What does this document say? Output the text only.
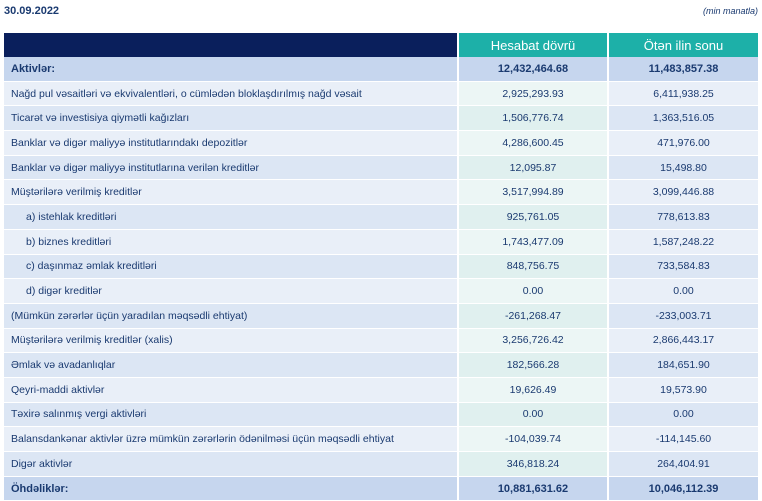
30.09.2022	(min manatla)
	Hesabat dövrü	Ötən ilin sonu
Aktivlər:	12,432,464.68	11,483,857.38
Nağd pul vəsaitləri və ekvivalentləri, o cümlədən bloklaşdırılmış nağd vəsait	2,925,293.93	6,411,938.25
Ticarət və investisiya qiymətli kağızları	1,506,776.74	1,363,516.05
Banklar və digər maliyyə institutlarındakı depozitlər	4,286,600.45	471,976.00
Banklar və digər maliyyə institutlarına verilən kreditlər	12,095.87	15,498.80
Müştərilərə verilmiş kreditlər	3,517,994.89	3,099,446.88
a) istehlak kreditləri	925,761.05	778,613.83
b) biznes kreditləri	1,743,477.09	1,587,248.22
c) daşınmaz əmlak kreditləri	848,756.75	733,584.83
d) digər kreditlər	0.00	0.00
(Mümkün zərərlər üçün yaradılan məqsədli ehtiyat)	-261,268.47	-233,003.71
Müştərilərə verilmiş kreditlər (xalis)	3,256,726.42	2,866,443.17
Əmlak və avadanlıqlar	182,566.28	184,651.90
Qeyri-maddi aktivlər	19,626.49	19,573.90
Təxirə salınmış vergi aktivləri	0.00	0.00
Balansdankənar aktivlər üzrə mümkün zərərlərin ödənilməsi üçün məqsədli ehtiyat	-104,039.74	-114,145.60
Digər aktivlər	346,818.24	264,404.91
Öhdəliklər:	10,881,631.62	10,046,112.39
